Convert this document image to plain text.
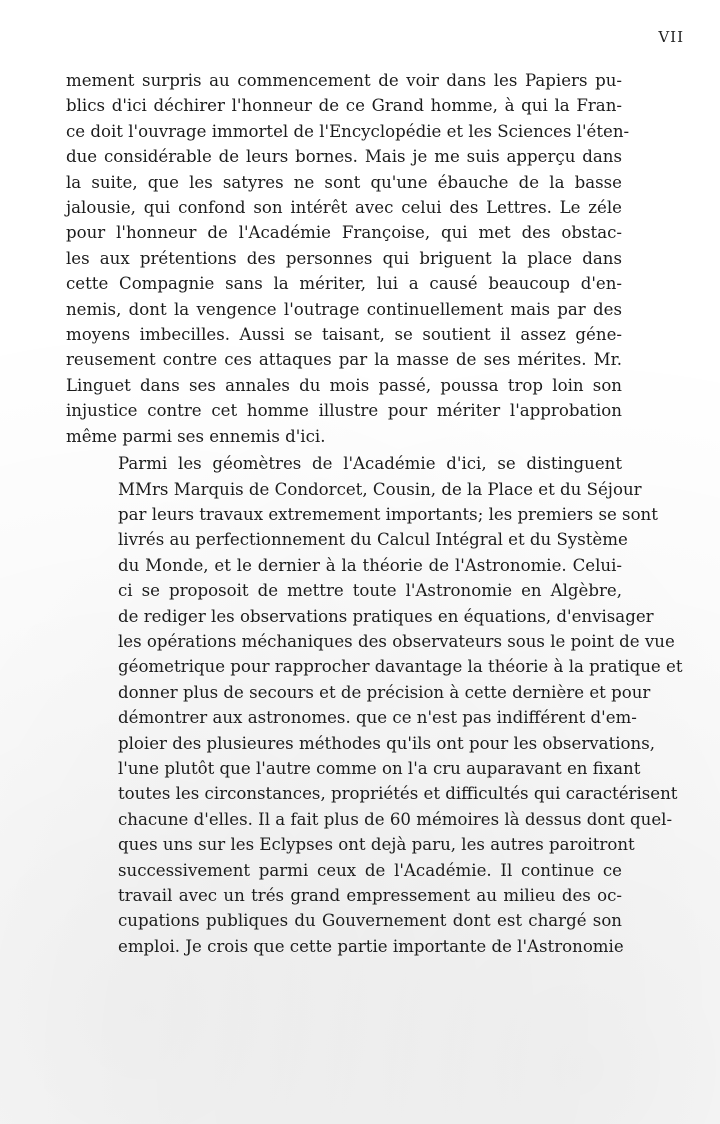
VII

mement surpris au commencement de voir dans les Papiers pu-
blics d'ici déchirer l'honneur de ce Grand homme, à qui la Fran-
ce doit l'ouvrage immortel de l'Encyclopédie et les Sciences l'éten-
due considérable de leurs bornes. Mais je me suis apperçu dans
la suite, que les satyres ne sont qu'une ébauche de la basse
jalousie, qui confond son intérêt avec celui des Lettres. Le zéle
pour l'honneur de l'Académie Françoise, qui met des obstac-
les aux prétentions des personnes qui briguent la place dans
cette Compagnie sans la mériter, lui a causé beaucoup d'en-
nemis, dont la vengence l'outrage continuellement mais par des
moyens imbecilles. Aussi se taisant, se soutient il assez géne-
reusement contre ces attaques par la masse de ses mérites. Mr.
Linguet dans ses annales du mois passé, poussa trop loin son
injustice contre cet homme illustre pour mériter l'approbation
même parmi ses ennemis d'ici.

Parmi les géomètres de l'Académie d'ici, se distinguent
MMrs Marquis de Condorcet, Cousin, de la Place et du Séjour
par leurs travaux extremement importants; les premiers se sont
livrés au perfectionnement du Calcul Intégral et du Système
du Monde, et le dernier à la théorie de l'Astronomie. Celui-
ci se proposoit de mettre toute l'Astronomie en Algèbre,
de rediger les observations pratiques en équations, d'envisager
les opérations méchaniques des observateurs sous le point de vue
géometrique pour rapprocher davantage la théorie à la pratique et
donner plus de secours et de précision à cette dernière et pour
démontrer aux astronomes. que ce n'est pas indifférent d'em-
ploier des plusieures méthodes qu'ils ont pour les observations,
l'une plutôt que l'autre comme on l'a cru auparavant en fixant
toutes les circonstances, propriétés et difficultés qui caractérisent
chacune d'elles. Il a fait plus de 60 mémoires là dessus dont quel-
ques uns sur les Eclypses ont dejà paru, les autres paroitront
successivement parmi ceux de l'Académie. Il continue ce
travail avec un trés grand empressement au milieu des oc-
cupations publiques du Gouvernement dont est chargé son
emploi. Je crois que cette partie importante de l'Astronomie
